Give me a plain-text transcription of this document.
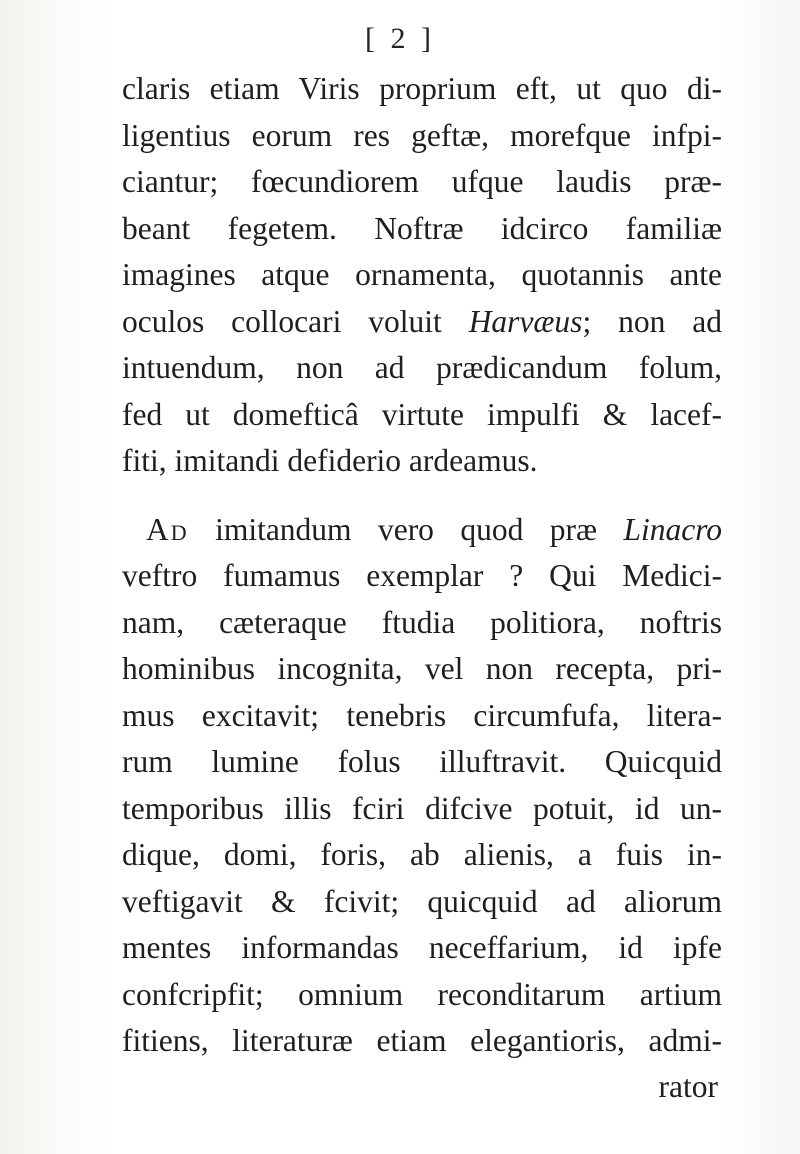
[ 2 ]
claris etiam Viris proprium eft, ut quo di-
ligentius eorum res geftæ, morefque infpi-
ciantur; fœcundiorem ufque laudis præ-
beant fegetem. Noftræ idcirco familiæ
imagines atque ornamenta, quotannis ante
oculos collocari voluit Harvæus; non ad
intuendum, non ad prædicandum folum,
fed ut domefticâ virtute impulfi & lacef-
fiti, imitandi defiderio ardeamus.
Ad imitandum vero quod præ Linacro
veftro fumamus exemplar ? Qui Medici-
nam, cæteraque ftudia politiora, noftris
hominibus incognita, vel non recepta, pri-
mus excitavit; tenebris circumfufa, litera-
rum lumine folus illuftravit. Quicquid
temporibus illis fciri difcive potuit, id un-
dique, domi, foris, ab alienis, a fuis in-
veftigavit & fcivit; quicquid ad aliorum
mentes informandas neceffarium, id ipfe
confcripfit; omnium reconditarum artium
fitiens, literaturæ etiam elegantioris, admi-
rator
